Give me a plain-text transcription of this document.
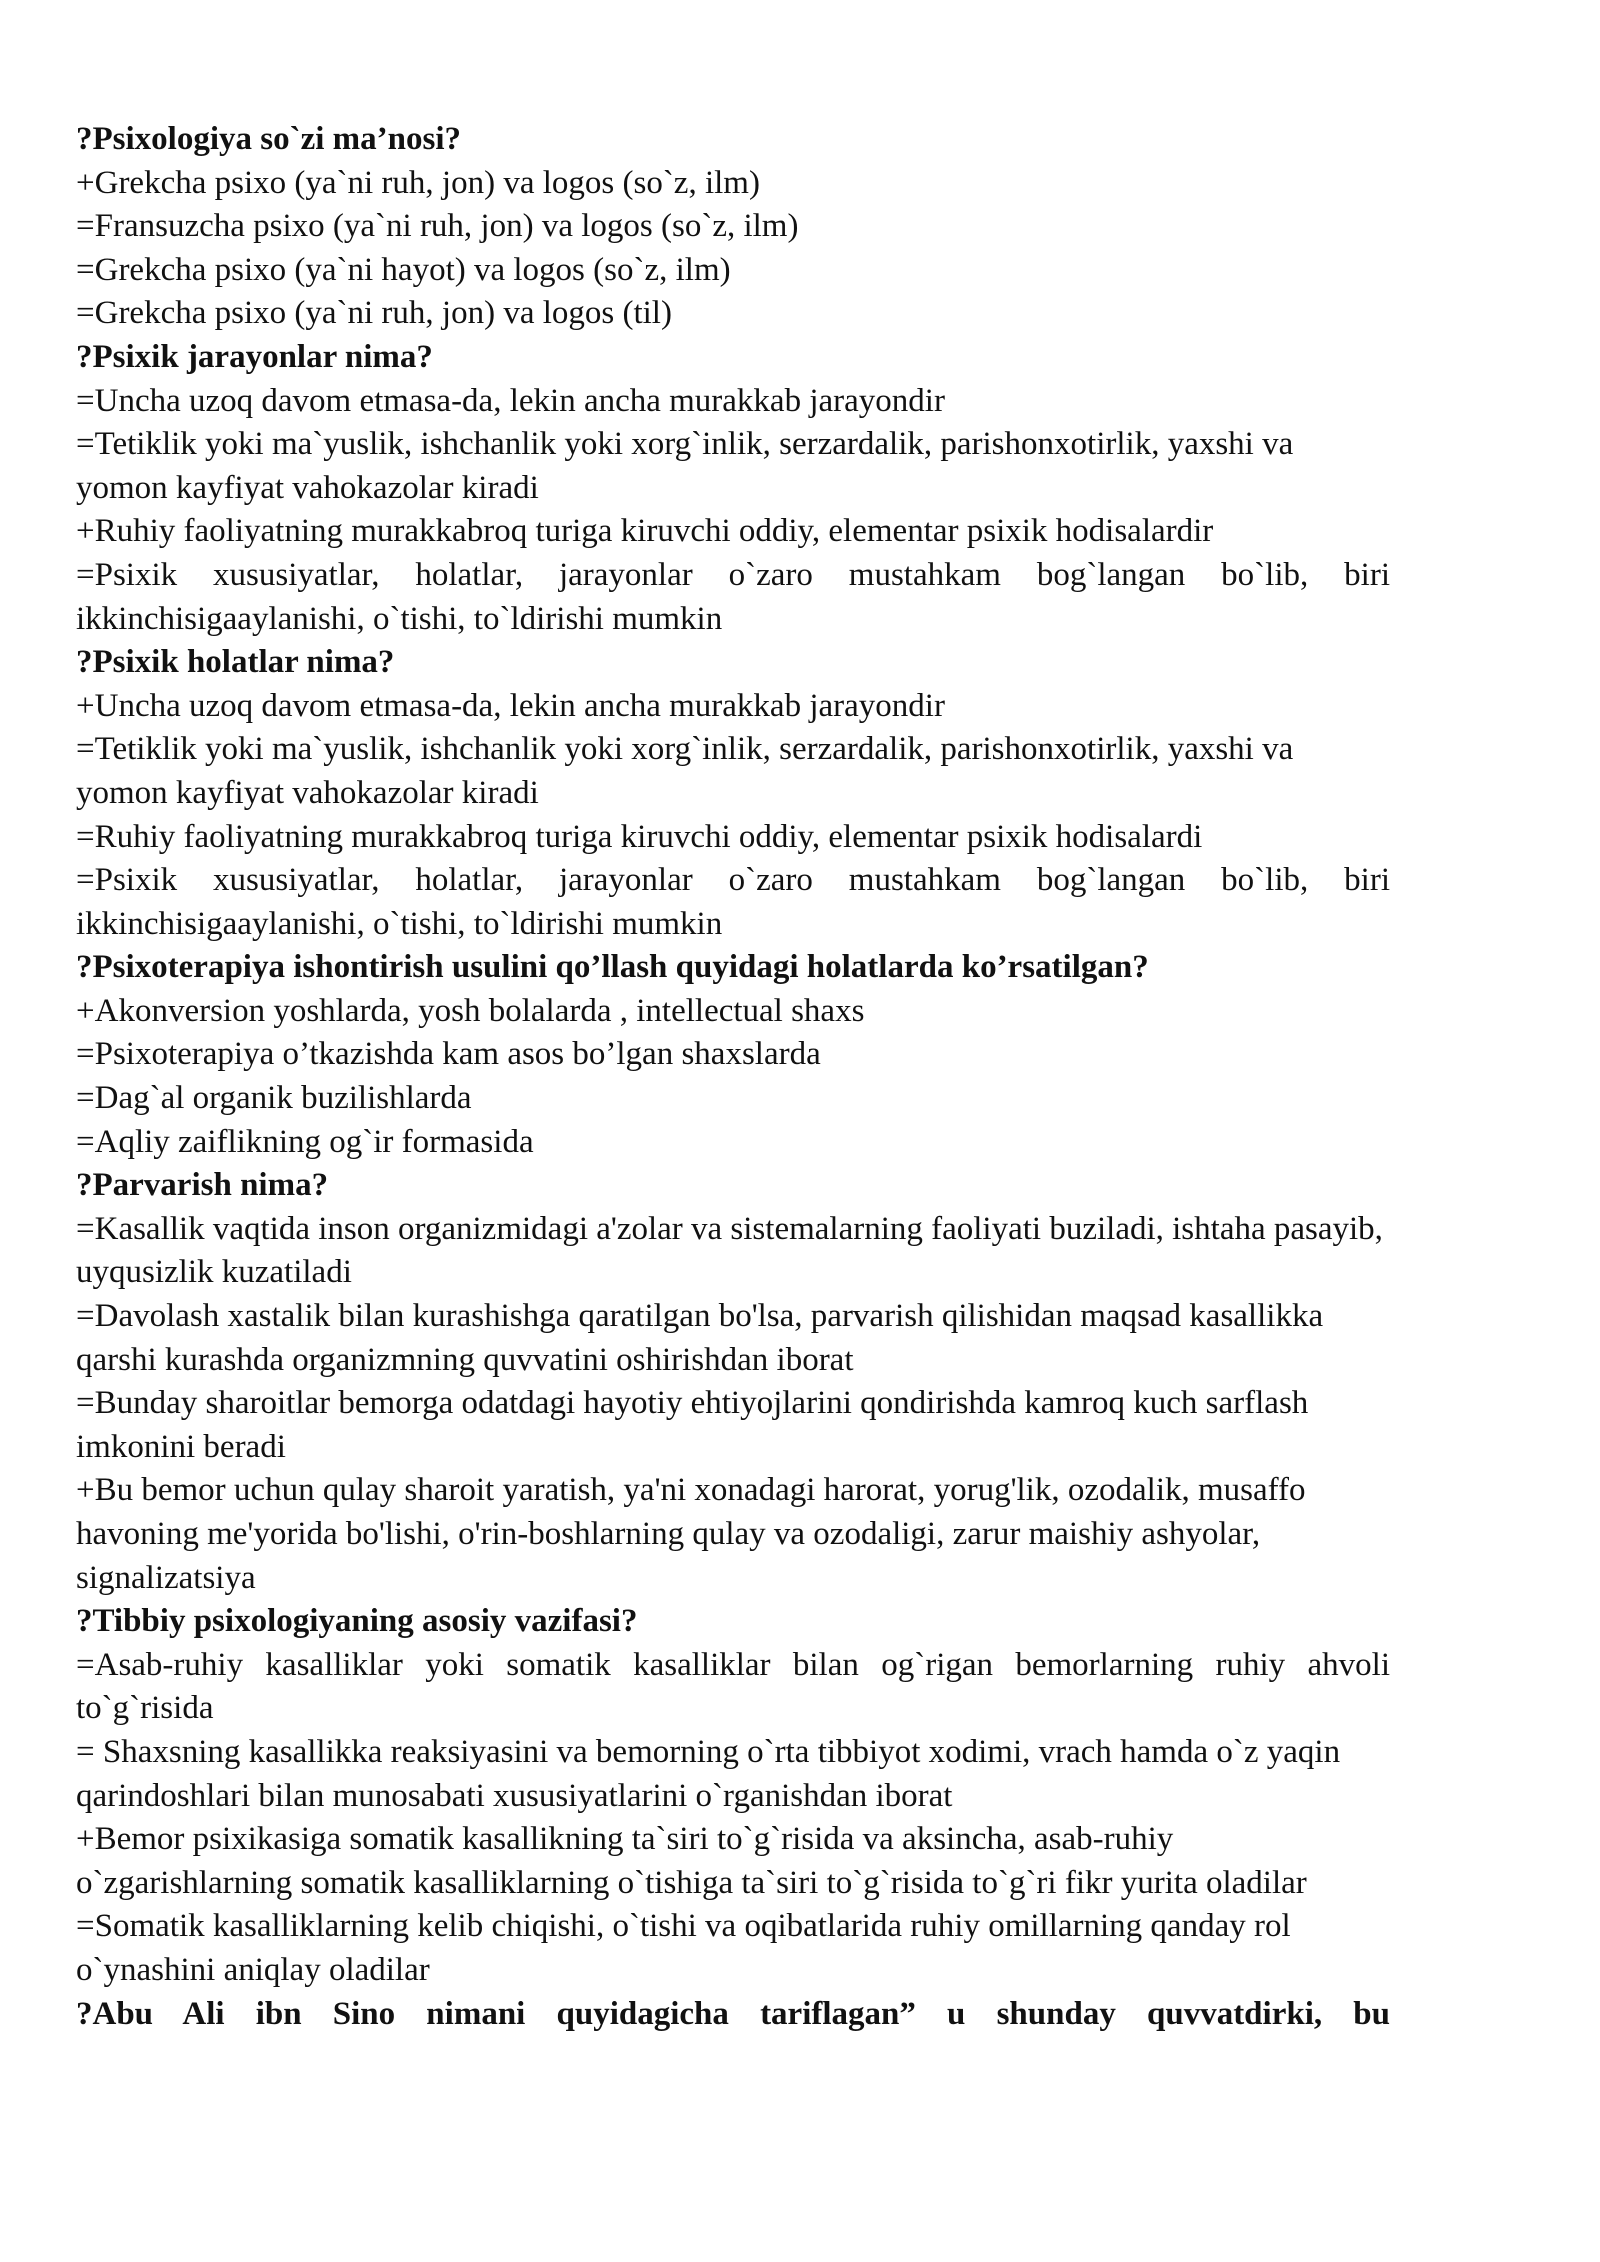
?Psixologiya so`zi ma’nosi?
+Grekcha psixo (ya`ni ruh, jon) va logos (so`z, ilm)
=Fransuzcha psixo (ya`ni ruh, jon) va logos (so`z, ilm)
=Grekcha psixo (ya`ni hayot) va logos (so`z, ilm)
=Grekcha psixo (ya`ni ruh, jon) va logos (til)
?Psixik jarayonlar nima?
=Uncha uzoq davom etmasa-da, lekin ancha murakkab jarayondir
=Tetiklik yoki ma`yuslik, ishchanlik yoki xorg`inlik, serzardalik, parishonxotirlik, yaxshi va yomon kayfiyat vahokazolar kiradi
+Ruhiy faoliyatning murakkabroq turiga kiruvchi oddiy, elementar psixik hodisalardir
=Psixik xususiyatlar, holatlar, jarayonlar o`zaro mustahkam bog`langan bo`lib, biri ikkinchisigaaylanishi, o`tishi, to`ldirishi mumkin
?Psixik holatlar nima?
+Uncha uzoq davom etmasa-da, lekin ancha murakkab jarayondir
=Tetiklik yoki ma`yuslik, ishchanlik yoki xorg`inlik, serzardalik, parishonxotirlik, yaxshi va yomon kayfiyat vahokazolar kiradi
=Ruhiy faoliyatning murakkabroq turiga kiruvchi oddiy, elementar psixik hodisalardi
=Psixik xususiyatlar, holatlar, jarayonlar o`zaro mustahkam bog`langan bo`lib, biri ikkinchisigaaylanishi, o`tishi, to`ldirishi mumkin
?Psixoterapiya ishontirish usulini qo’llash quyidagi holatlarda ko’rsatilgan?
+Akonversion yoshlarda, yosh bolalarda , intellectual shaxs
=Psixoterapiya o’tkazishda kam asos bo’lgan shaxslarda
=Dag`al organik buzilishlarda
=Aqliy zaiflikning og`ir formasida
?Parvarish nima?
=Kasallik vaqtida inson organizmidagi a'zolar va sistemalarning faoliyati buziladi, ishtaha pasayib, uyqusizlik kuzatiladi
=Davolash xastalik bilan kurashishga qaratilgan bo'lsa, parvarish qilishidan maqsad kasallikka qarshi kurashda organizmning quvvatini oshirishdan iborat
=Bunday sharoitlar bemorga odatdagi hayotiy ehtiyojlarini qondirishda kamroq kuch sarflash imkonini beradi
+Bu bemor uchun qulay sharoit yaratish, ya'ni xonadagi harorat, yorug'lik, ozodalik, musaffo havoning me'yorida bo'lishi, o'rin-boshlarning qulay va ozodaligi, zarur maishiy ashyolar, signalizatsiya
?Tibbiy psixologiyaning asosiy vazifasi?
=Asab-ruhiy kasalliklar yoki somatik kasalliklar bilan og`rigan bemorlarning ruhiy ahvoli to`g`risida
= Shaxsning kasallikka reaksiyasini va bemorning o`rta tibbiyot xodimi, vrach hamda o`z yaqin qarindoshlari bilan munosabati xususiyatlarini o`rganishdan iborat
+Bemor psixikasiga somatik kasallikning ta`siri to`g`risida va aksincha, asab-ruhiy o`zgarishlarning somatik kasalliklarning o`tishiga ta`siri to`g`risida to`g`ri fikr yurita oladilar
=Somatik kasalliklarning kelib chiqishi, o`tishi va oqibatlarida ruhiy omillarning qanday rol o`ynashini aniqlay oladilar
?Abu Ali ibn Sino nimani quyidagicha tariflagan” u shunday quvvatdirki, bu
